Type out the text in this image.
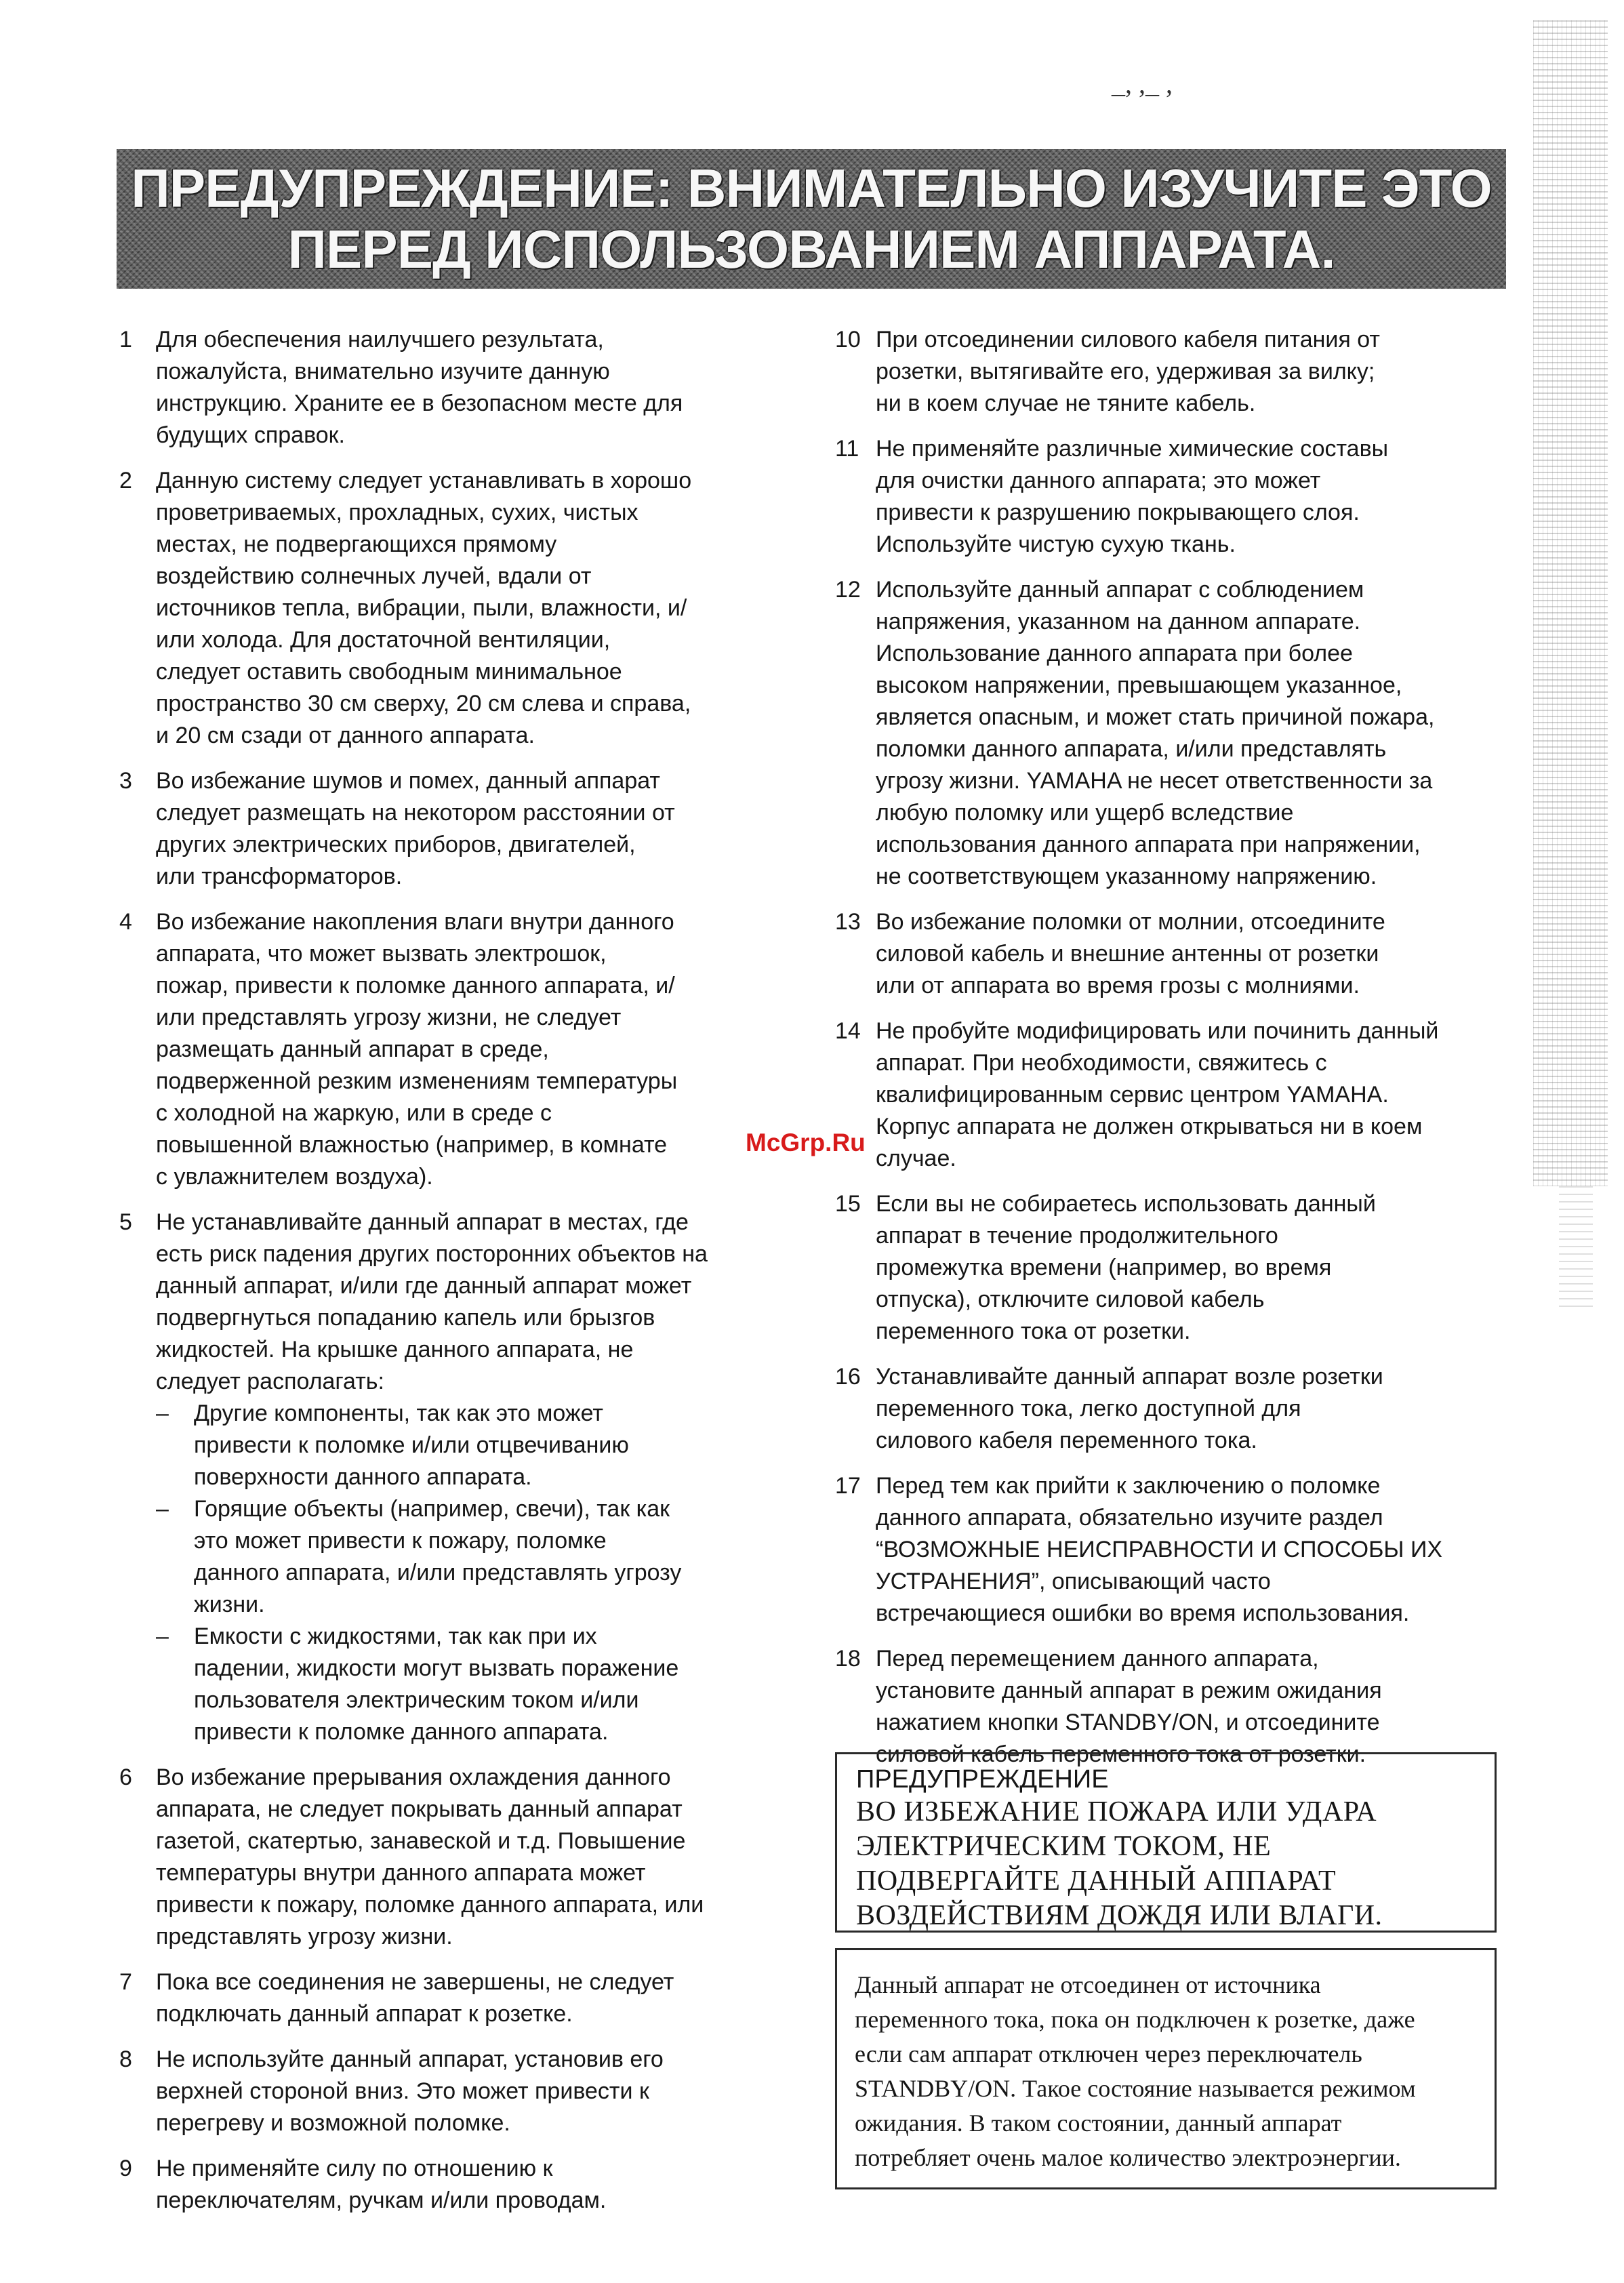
_, ,_ ,
ПРЕДУПРЕЖДЕНИЕ: ВНИМАТЕЛЬНО ИЗУЧИТЕ ЭТО
ПЕРЕД ИСПОЛЬЗОВАНИЕМ АППАРАТА.
1	Для обеспечения наилучшего результата,
пожалуйста, внимательно изучите данную
инструкцию. Храните ее в безопасном месте для
будущих справок.
2	Данную систему следует устанавливать в хорошо
проветриваемых, прохладных, сухих, чистых
местах, не подвергающихся прямому
воздействию солнечных лучей, вдали от
источников тепла, вибрации, пыли, влажности, и/
или холода. Для достаточной вентиляции,
следует оставить свободным минимальное
пространство 30 см сверху, 20 см слева и справа,
и 20 см сзади от данного аппарата.
3	Во избежание шумов и помех, данный аппарат
следует размещать на некотором расстоянии от
других электрических приборов, двигателей,
или трансформаторов.
4	Во избежание накопления влаги внутри данного
аппарата, что может вызвать электрошок,
пожар, привести к поломке данного аппарата, и/
или представлять угрозу жизни, не следует
размещать данный аппарат в среде,
подверженной резким изменениям температуры
с холодной на жаркую, или в среде с
повышенной влажностью (например, в комнате
с увлажнителем воздуха).
5	Не устанавливайте данный аппарат в местах, где
есть риск падения других посторонних объектов на
данный аппарат, и/или где данный аппарат может
подвергнуться попаданию капель или брызгов
жидкостей. На крышке данного аппарата, не
следует располагать:
–	Другие компоненты, так как это может
привести к поломке и/или отцвечиванию
поверхности данного аппарата.
–	Горящие объекты (например, свечи), так как
это может привести к пожару, поломке
данного аппарата, и/или представлять угрозу
жизни.
–	Емкости с жидкостями, так как при их
падении, жидкости могут вызвать поражение
пользователя электрическим током и/или
привести к поломке данного аппарата.
6	Во избежание прерывания охлаждения данного
аппарата, не следует покрывать данный аппарат
газетой, скатертью, занавеской и т.д. Повышение
температуры внутри данного аппарата может
привести к пожару, поломке данного аппарата, или
представлять угрозу жизни.
7	Пока все соединения не завершены, не следует
подключать данный аппарат к розетке.
8	Не используйте данный аппарат, установив его
верхней стороной вниз. Это может привести к
перегреву и возможной поломке.
9	Не применяйте силу по отношению к
переключателям, ручкам и/или проводам.
10 При отсоединении силового кабеля питания от
розетки, вытягивайте его, удерживая за вилку;
ни в коем случае не тяните кабель.
11 Не применяйте различные химические составы
для очистки данного аппарата; это может
привести к разрушению покрывающего слоя.
Используйте чистую сухую ткань.
12 Используйте данный аппарат с соблюдением
напряжения, указанном на данном аппарате.
Использование данного аппарата при более
высоком напряжении, превышающем указанное,
является опасным, и может стать причиной пожара,
поломки данного аппарата, и/или представлять
угрозу жизни. YAMAHA не несет ответственности за
любую поломку или ущерб вследствие
использования данного аппарата при напряжении,
не соответствующем указанному напряжению.
13 Во избежание поломки от молнии, отсоедините
силовой кабель и внешние антенны от розетки
или от аппарата во время грозы с молниями.
14 Не пробуйте модифицировать или починить данный
аппарат. При необходимости, свяжитесь с
квалифицированным сервис центром YAMAHA.
Корпус аппарата не должен открываться ни в коем
случае.
15 Если вы не собираетесь использовать данный
аппарат в течение продолжительного
промежутка времени (например, во время
отпуска), отключите силовой кабель
переменного тока от розетки.
16 Устанавливайте данный аппарат возле розетки
переменного тока, легко доступной для
силового кабеля переменного тока.
17 Перед тем как прийти к заключению о поломке
данного аппарата, обязательно изучите раздел
“ВОЗМОЖНЫЕ НЕИСПРАВНОСТИ И СПОСОБЫ ИХ
УСТРАНЕНИЯ”, описывающий часто
встречающиеся ошибки во время использования.
18 Перед перемещением данного аппарата,
установите данный аппарат в режим ожидания
нажатием кнопки STANDBY/ON, и отсоедините
силовой кабель переменного тока от розетки.
ПРЕДУПРЕЖДЕНИЕ
ВО ИЗБЕЖАНИЕ ПОЖАРА ИЛИ УДАРА
ЭЛЕКТРИЧЕСКИМ ТОКОМ, НЕ
ПОДВЕРГАЙТЕ ДАННЫЙ АППАРАТ
ВОЗДЕЙСТВИЯМ ДОЖДЯ ИЛИ ВЛАГИ.
Данный аппарат не отсоединен от источника
переменного тока, пока он подключен к розетке, даже
если сам аппарат отключен через переключатель
STANDBY/ON. Такое состояние называется режимом
ожидания. В таком состоянии, данный аппарат
потребляет очень малое количество электроэнергии.
McGrp.Ru
